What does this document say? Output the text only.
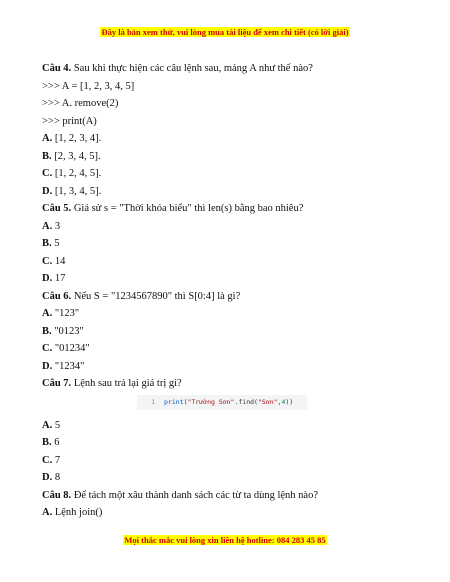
Đây là bản xem thử, vui lòng mua tài liệu để xem chi tiết (có lời giải)
Câu 4. Sau khi thực hiện các câu lệnh sau, mảng A như thế nào?
>>> A = [1, 2, 3, 4, 5]
>>> A. remove(2)
>>> print(A)
A. [1, 2, 3, 4].
B. [2, 3, 4, 5].
C. [1, 2, 4, 5].
D. [1, 3, 4, 5].
Câu 5. Giả sử s = "Thời khóa biểu" thì len(s) bằng bao nhiêu?
A. 3
B. 5
C. 14
D. 17
Câu 6. Nếu S = "1234567890" thì S[0:4] là gì?
A. "123"
B. "0123"
C. "01234"
D. "1234"
Câu 7. Lệnh sau trả lại giá trị gì?
1	print("Trường Sơn".find("Sơn",4))
A. 5
B. 6
C. 7
D. 8
Câu 8. Để tách một xâu thành danh sách các từ ta dùng lệnh nào?
A. Lệnh join()
Mọi thắc mắc vui lòng xin liên hệ hotline: 084 283 45 85
